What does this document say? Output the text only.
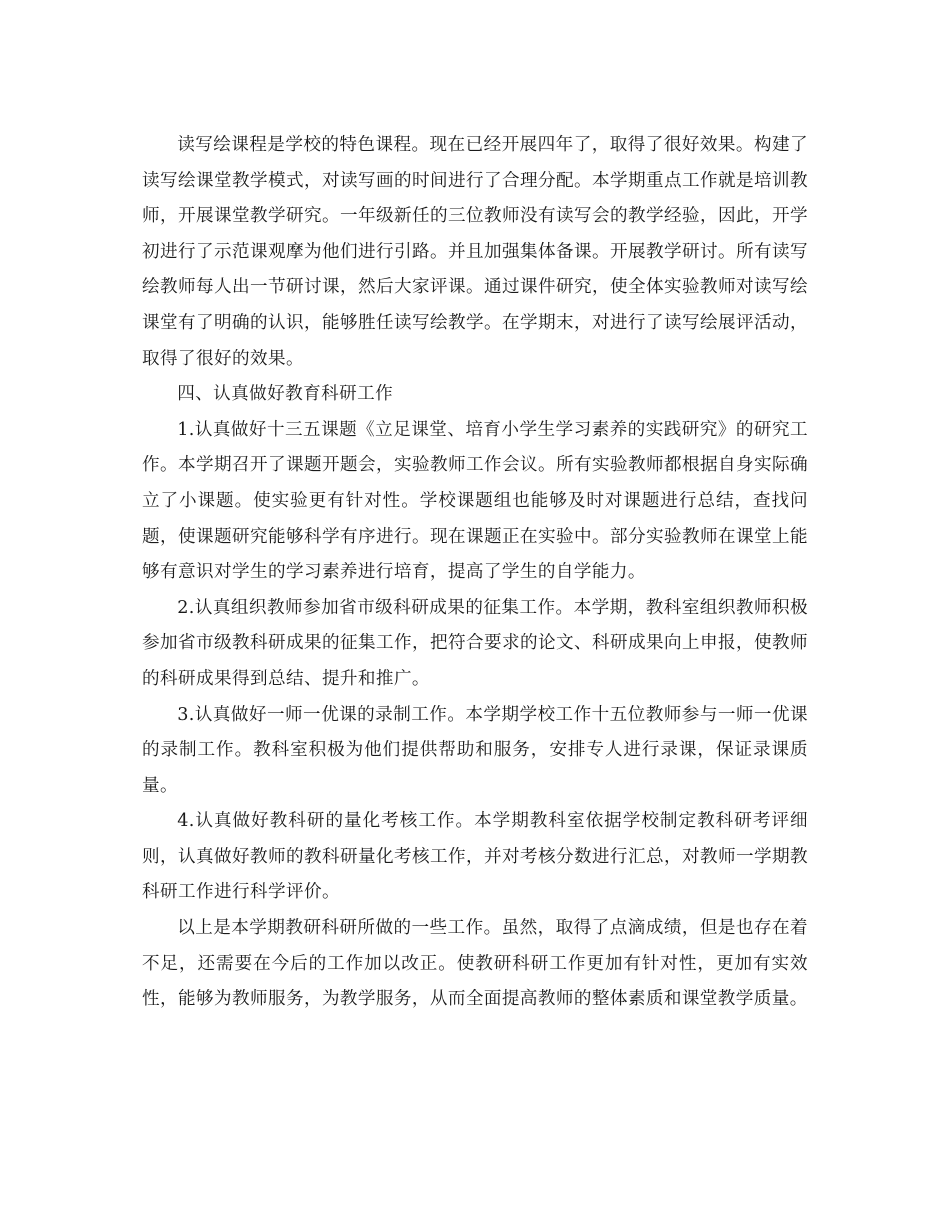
读写绘课程是学校的特色课程。现在已经开展四年了，取得了很好效果。构建了读写绘课堂教学模式，对读写画的时间进行了合理分配。本学期重点工作就是培训教师，开展课堂教学研究。一年级新任的三位教师没有读写会的教学经验，因此，开学初进行了示范课观摩为他们进行引路。并且加强集体备课。开展教学研讨。所有读写绘教师每人出一节研讨课，然后大家评课。通过课件研究，使全体实验教师对读写绘课堂有了明确的认识，能够胜任读写绘教学。在学期末，对进行了读写绘展评活动，取得了很好的效果。

四、认真做好教育科研工作

1.认真做好十三五课题《立足课堂、培育小学生学习素养的实践研究》的研究工作。本学期召开了课题开题会，实验教师工作会议。所有实验教师都根据自身实际确立了小课题。使实验更有针对性。学校课题组也能够及时对课题进行总结，查找问题，使课题研究能够科学有序进行。现在课题正在实验中。部分实验教师在课堂上能够有意识对学生的学习素养进行培育，提高了学生的自学能力。

2.认真组织教师参加省市级科研成果的征集工作。本学期，教科室组织教师积极参加省市级教科研成果的征集工作，把符合要求的论文、科研成果向上申报，使教师的科研成果得到总结、提升和推广。

3.认真做好一师一优课的录制工作。本学期学校工作十五位教师参与一师一优课的录制工作。教科室积极为他们提供帮助和服务，安排专人进行录课，保证录课质量。

4.认真做好教科研的量化考核工作。本学期教科室依据学校制定教科研考评细则，认真做好教师的教科研量化考核工作，并对考核分数进行汇总，对教师一学期教科研工作进行科学评价。

以上是本学期教研科研所做的一些工作。虽然，取得了点滴成绩，但是也存在着不足，还需要在今后的工作加以改正。使教研科研工作更加有针对性，更加有实效性，能够为教师服务，为教学服务，从而全面提高教师的整体素质和课堂教学质量。
